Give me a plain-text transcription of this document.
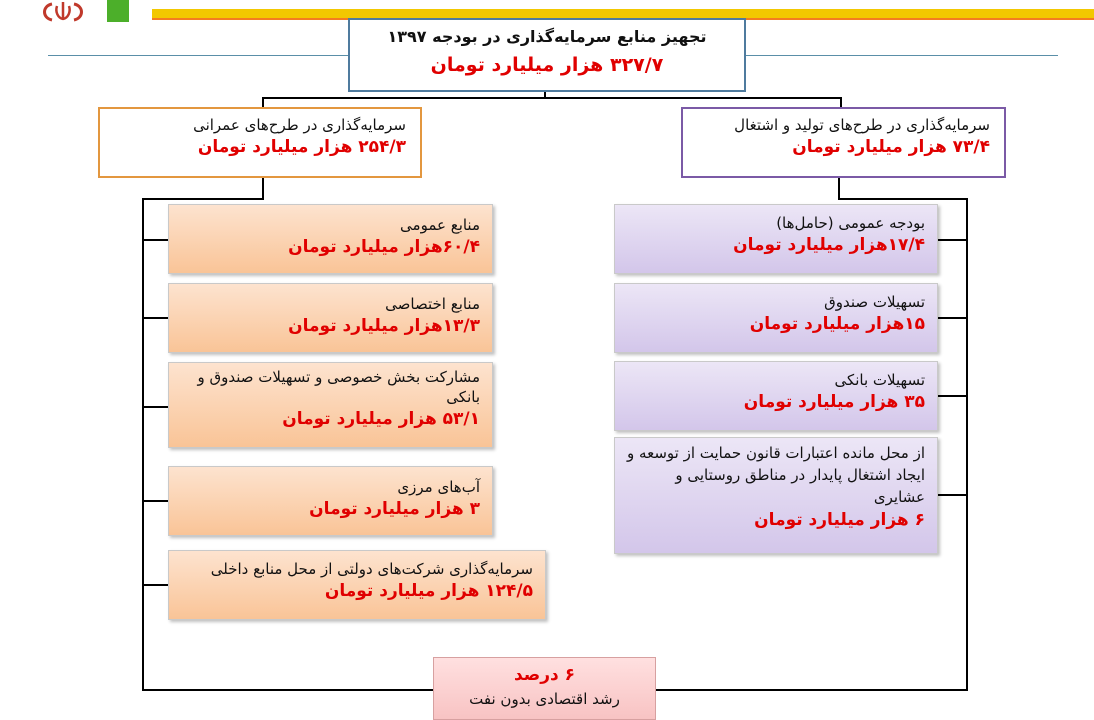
تجهیز منابع سرمایه‌گذاری در بودجه ۱۳۹۷
۳۲۷/۷ هزار میلیارد تومان
سرمایه‌گذاری در طرح‌های عمرانی
۲۵۴/۳ هزار میلیارد تومان
سرمایه‌گذاری در طرح‌های تولید و اشتغال
۷۳/۴ هزار میلیارد تومان
منابع عمومی
۶۰/۴هزار میلیارد تومان
منابع اختصاصی
۱۳/۳هزار میلیارد تومان
مشارکت بخش خصوصی و تسهیلات صندوق و بانکی
۵۳/۱ هزار میلیارد تومان
آب‌های مرزی
۳ هزار میلیارد تومان
سرمایه‌گذاری شرکت‌های دولتی از محل منابع داخلی
۱۲۴/۵ هزار میلیارد تومان
بودجه عمومی (حامل‌ها)
۱۷/۴هزار میلیارد تومان
تسهیلات صندوق
۱۵هزار میلیارد تومان
تسهیلات بانکی
۳۵ هزار میلیارد تومان
از محل مانده اعتبارات قانون حمایت از توسعه و ایجاد اشتغال پایدار در مناطق روستایی و عشایری
۶ هزار میلیارد تومان
۶ درصد
رشد اقتصادی بدون نفت
